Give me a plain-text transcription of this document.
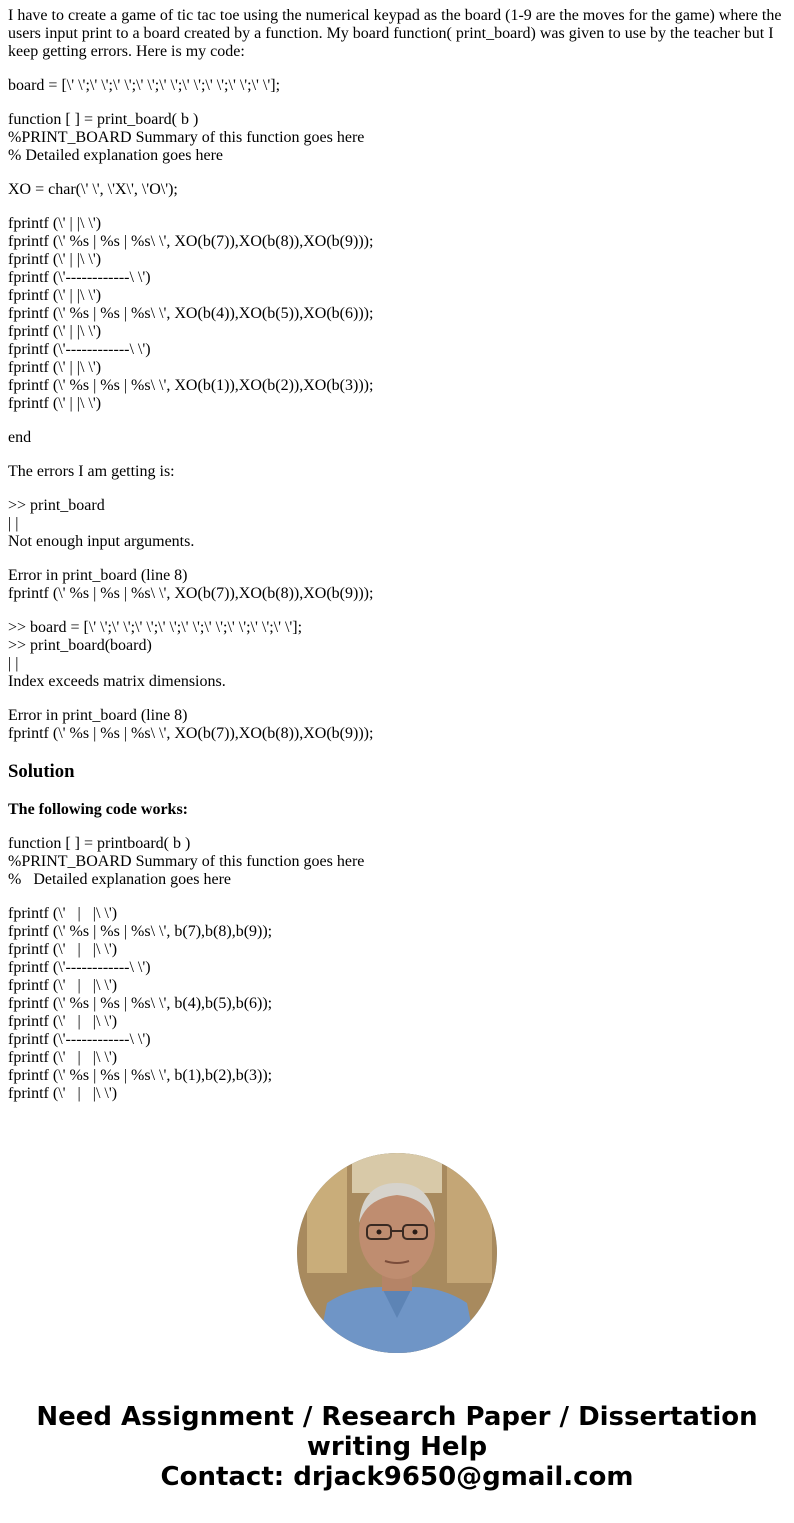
I have to create a game of tic tac toe using the numerical keypad as the board (1-9 are the moves for the game) where the users input print to a board created by a function. My board function( print_board) was given to use by the teacher but I keep getting errors. Here is my code:

board = [\' \';\' \';\' \';\' \';\' \';\' \';\' \';\' \';\' \'];

function [ ] = print_board( b )
%PRINT_BOARD Summary of this function goes here
% Detailed explanation goes here

XO = char(\' \', \'X\', \'O\');

fprintf (\' | |\ \')
fprintf (\' %s | %s | %s\ \', XO(b(7)),XO(b(8)),XO(b(9)));
fprintf (\' | |\ \')
fprintf (\'------------\ \')
fprintf (\' | |\ \')
fprintf (\' %s | %s | %s\ \', XO(b(4)),XO(b(5)),XO(b(6)));
fprintf (\' | |\ \')
fprintf (\'------------\ \')
fprintf (\' | |\ \')
fprintf (\' %s | %s | %s\ \', XO(b(1)),XO(b(2)),XO(b(3)));
fprintf (\' | |\ \')

end

The errors I am getting is:

>> print_board
| |
Not enough input arguments.
Error in print_board (line 8)
fprintf (\' %s | %s | %s\ \', XO(b(7)),XO(b(8)),XO(b(9)));
>> board = [\' \';\' \';\' \';\' \';\' \';\' \';\' \';\' \';\' \'];
>> print_board(board)
| |
Index exceeds matrix dimensions.
Error in print_board (line 8)
fprintf (\' %s | %s | %s\ \', XO(b(7)),XO(b(8)),XO(b(9)));
Solution

The following code works:

function [ ] = printboard( b )
%PRINT_BOARD Summary of this function goes here
%   Detailed explanation goes here
fprintf (\'   |   |\ \')
fprintf (\' %s | %s | %s\ \', b(7),b(8),b(9));
fprintf (\'   |   |\ \')
fprintf (\'------------\ \')
fprintf (\'   |   |\ \')
fprintf (\' %s | %s | %s\ \', b(4),b(5),b(6));
fprintf (\'   |   |\ \')
fprintf (\'------------\ \')
fprintf (\'   |   |\ \')
fprintf (\' %s | %s | %s\ \', b(1),b(2),b(3));
fprintf (\'   |   |\ \')
Need Assignment / Research Paper / Dissertation
writing Help
Contact: drjack9650@gmail.com
